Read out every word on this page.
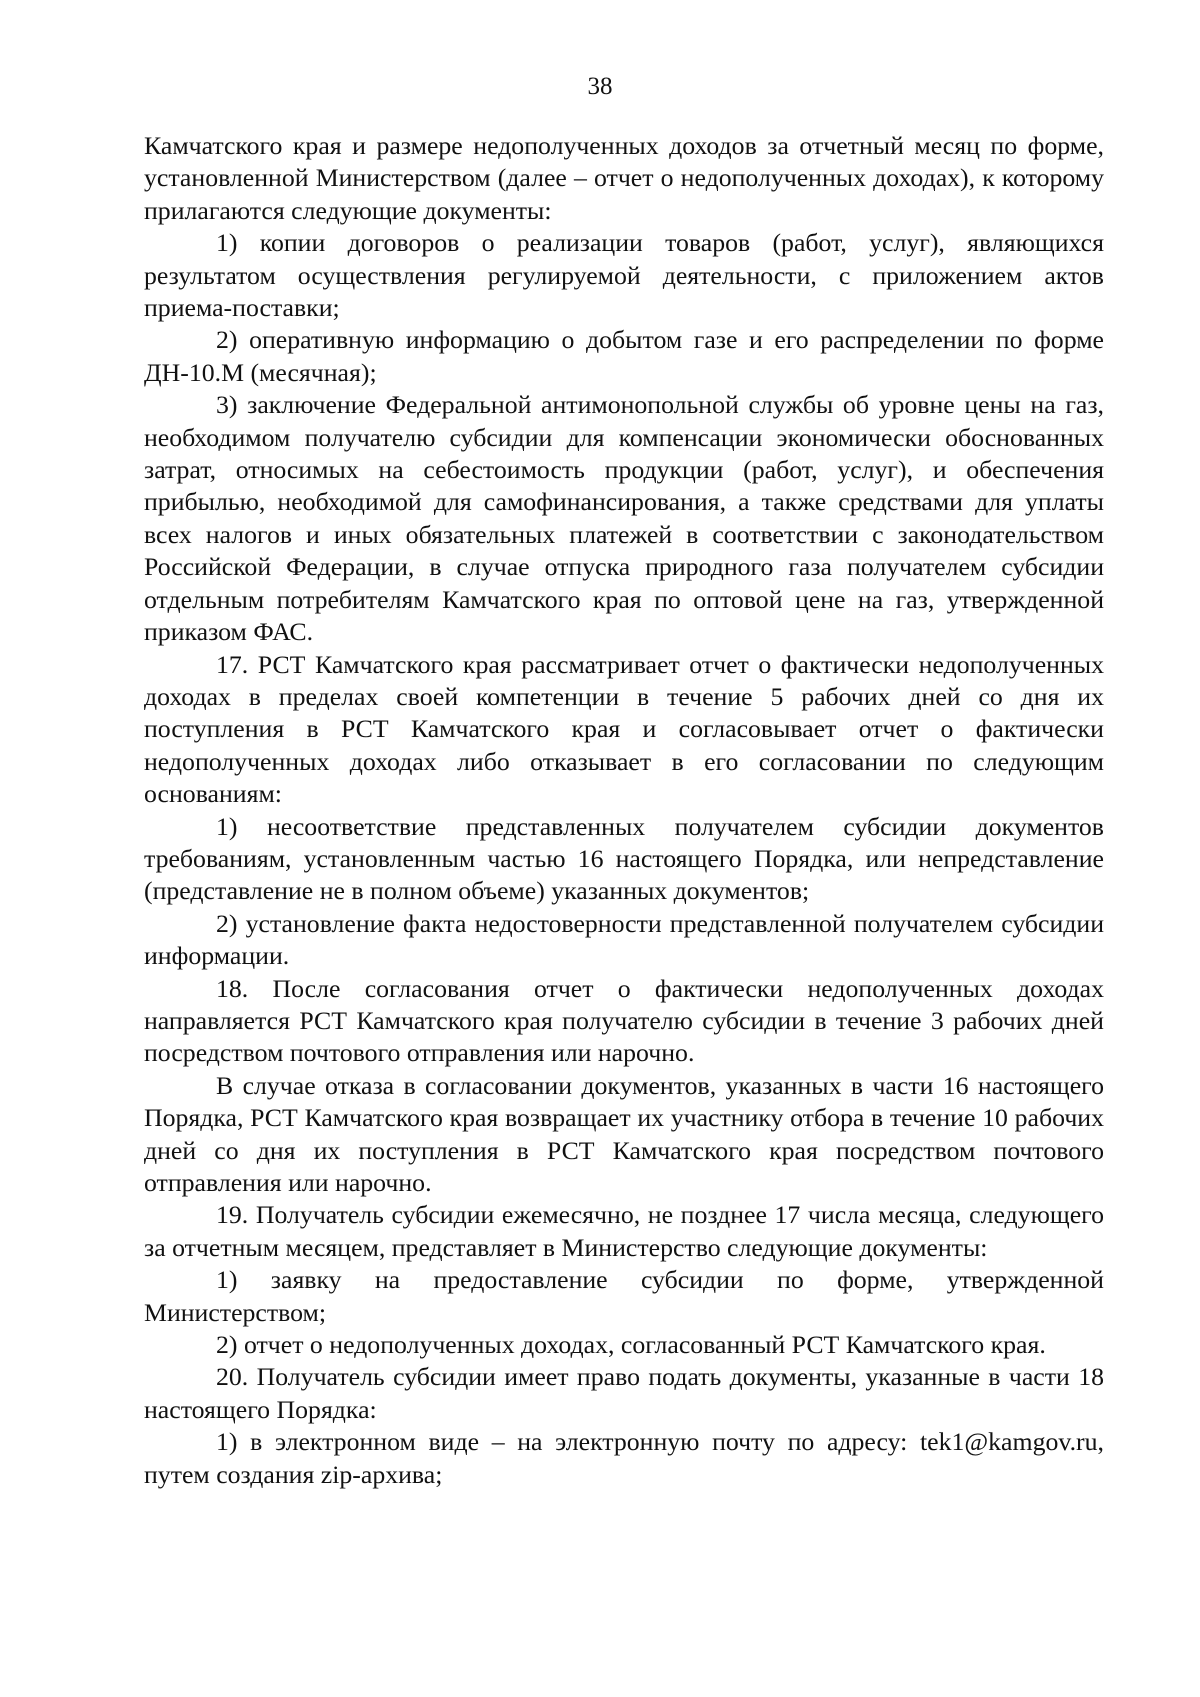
38

Камчатского края и размере недополученных доходов за отчетный месяц по форме, установленной Министерством (далее – отчет о недополученных доходах), к которому прилагаются следующие документы:

1) копии договоров о реализации товаров (работ, услуг), являющихся результатом осуществления регулируемой деятельности, с приложением актов приема-поставки;

2) оперативную информацию о добытом газе и его распределении по форме ДН-10.М (месячная);

3) заключение Федеральной антимонопольной службы об уровне цены на газ, необходимом получателю субсидии для компенсации экономически обоснованных затрат, относимых на себестоимость продукции (работ, услуг), и обеспечения прибылью, необходимой для самофинансирования, а также средствами для уплаты всех налогов и иных обязательных платежей в соответствии с законодательством Российской Федерации, в случае отпуска природного газа получателем субсидии отдельным потребителям Камчатского края по оптовой цене на газ, утвержденной приказом ФАС.

17. РСТ Камчатского края рассматривает отчет о фактически недополученных доходах в пределах своей компетенции в течение 5 рабочих дней со дня их поступления в РСТ Камчатского края и согласовывает отчет о фактически недополученных доходах либо отказывает в его согласовании по следующим основаниям:

1) несоответствие представленных получателем субсидии документов требованиям, установленным частью 16 настоящего Порядка, или непредставление (представление не в полном объеме) указанных документов;

2) установление факта недостоверности представленной получателем субсидии информации.

18. После согласования отчет о фактически недополученных доходах направляется РСТ Камчатского края получателю субсидии в течение 3 рабочих дней посредством почтового отправления или нарочно.

В случае отказа в согласовании документов, указанных в части 16 настоящего Порядка, РСТ Камчатского края возвращает их участнику отбора в течение 10 рабочих дней со дня их поступления в РСТ Камчатского края посредством почтового отправления или нарочно.

19. Получатель субсидии ежемесячно, не позднее 17 числа месяца, следующего за отчетным месяцем, представляет в Министерство следующие документы:

1) заявку на предоставление субсидии по форме, утвержденной Министерством;

2) отчет о недополученных доходах, согласованный РСТ Камчатского края.

20. Получатель субсидии имеет право подать документы, указанные в части 18 настоящего Порядка:

1) в электронном виде – на электронную почту по адресу: tek1@kamgov.ru, путем создания zip-архива;
